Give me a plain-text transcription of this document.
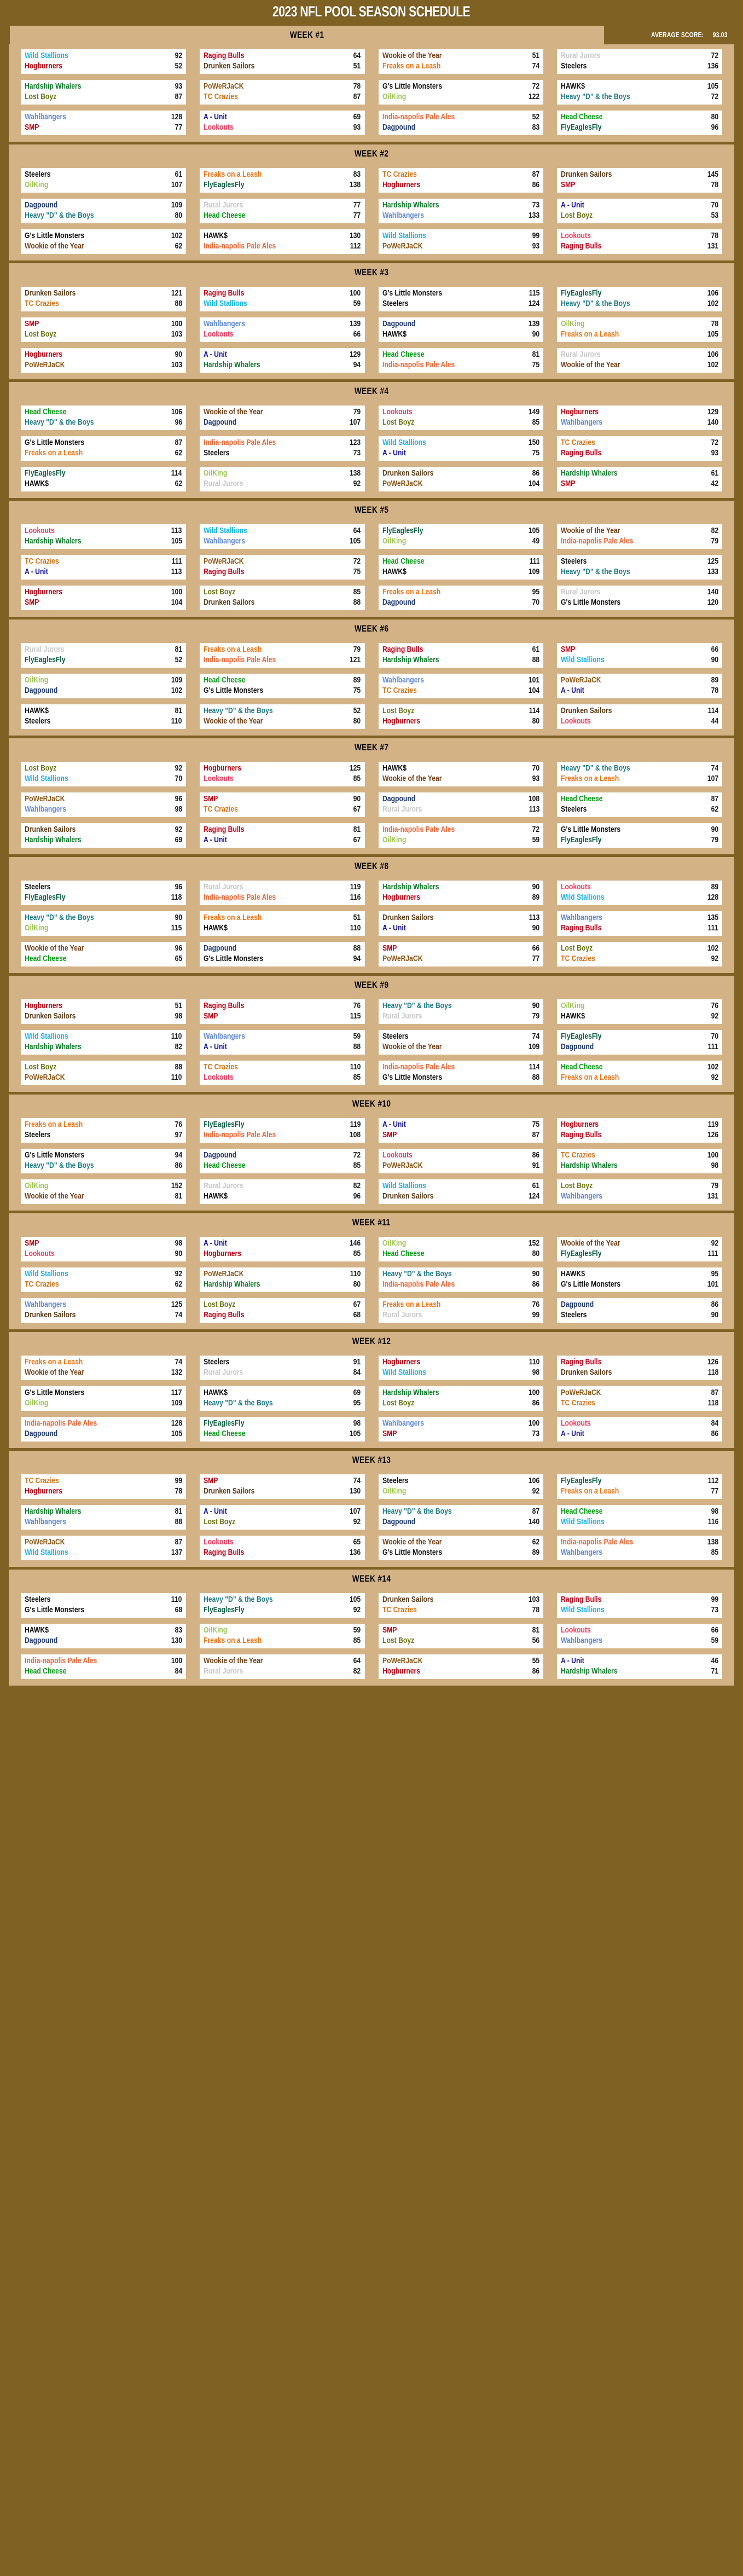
2023 NFL POOL SEASON SCHEDULE
WEEK #1	AVERAGE SCORE: 93.03
Wild Stallions	92
Hogburners	52
Raging Bulls	64
Drunken Sailors	51
Wookie of the Year	51
Freaks on a Leash	74
Rural Jurors	72
Steelers	136
Hardship Whalers	93
Lost Boyz	87
PoWeRJaCK	78
TC Crazies	87
G's Little Monsters	72
OilKing	122
HAWK$	105
Heavy "D" & the Boys	72
Wahlbangers	128
SMP	77
A - Unit	69
Lookouts	93
India-napolis Pale Ales	52
Dagpound	83
Head Cheese	80
FlyEaglesFly	96
WEEK #2
Steelers	61
OilKing	107
Freaks on a Leash	83
FlyEaglesFly	138
TC Crazies	87
Hogburners	86
Drunken Sailors	145
SMP	78
Dagpound	109
Heavy "D" & the Boys	80
Rural Jurors	77
Head Cheese	77
Hardship Whalers	73
Wahlbangers	133
A - Unit	70
Lost Boyz	53
G's Little Monsters	102
Wookie of the Year	62
HAWK$	130
India-napolis Pale Ales	112
Wild Stallions	99
PoWeRJaCK	93
Lookouts	78
Raging Bulls	131
WEEK #3
Drunken Sailors	121
TC Crazies	88
Raging Bulls	100
Wild Stallions	59
G's Little Monsters	115
Steelers	124
FlyEaglesFly	106
Heavy "D" & the Boys	102
SMP	100
Lost Boyz	103
Wahlbangers	139
Lookouts	66
Dagpound	139
HAWK$	90
OilKing	78
Freaks on a Leash	105
Hogburners	90
PoWeRJaCK	103
A - Unit	129
Hardship Whalers	94
Head Cheese	81
India-napolis Pale Ales	75
Rural Jurors	106
Wookie of the Year	102
WEEK #4
Head Cheese	106
Heavy "D" & the Boys	96
Wookie of the Year	79
Dagpound	107
Lookouts	149
Lost Boyz	85
Hogburners	129
Wahlbangers	140
G's Little Monsters	87
Freaks on a Leash	62
India-napolis Pale Ales	123
Steelers	73
Wild Stallions	150
A - Unit	75
TC Crazies	72
Raging Bulls	93
FlyEaglesFly	114
HAWK$	62
OilKing	138
Rural Jurors	92
Drunken Sailors	86
PoWeRJaCK	104
Hardship Whalers	61
SMP	42
WEEK #5
Lookouts	113
Hardship Whalers	105
Wild Stallions	64
Wahlbangers	105
FlyEaglesFly	105
OilKing	49
Wookie of the Year	82
India-napolis Pale Ales	79
TC Crazies	111
A - Unit	113
PoWeRJaCK	72
Raging Bulls	75
Head Cheese	111
HAWK$	109
Steelers	125
Heavy "D" & the Boys	133
Hogburners	100
SMP	104
Lost Boyz	85
Drunken Sailors	88
Freaks on a Leash	95
Dagpound	70
Rural Jurors	140
G's Little Monsters	120
WEEK #6
Rural Jurors	81
FlyEaglesFly	52
Freaks on a Leash	79
India-napolis Pale Ales	121
Raging Bulls	61
Hardship Whalers	88
SMP	66
Wild Stallions	90
OilKing	109
Dagpound	102
Head Cheese	89
G's Little Monsters	75
Wahlbangers	101
TC Crazies	104
PoWeRJaCK	89
A - Unit	78
HAWK$	81
Steelers	110
Heavy "D" & the Boys	52
Wookie of the Year	80
Lost Boyz	114
Hogburners	80
Drunken Sailors	114
Lookouts	44
WEEK #7
Lost Boyz	92
Wild Stallions	70
Hogburners	125
Lookouts	85
HAWK$	70
Wookie of the Year	93
Heavy "D" & the Boys	74
Freaks on a Leash	107
PoWeRJaCK	96
Wahlbangers	98
SMP	90
TC Crazies	67
Dagpound	108
Rural Jurors	113
Head Cheese	87
Steelers	62
Drunken Sailors	92
Hardship Whalers	69
Raging Bulls	81
A - Unit	67
India-napolis Pale Ales	72
OilKing	59
G's Little Monsters	90
FlyEaglesFly	79
WEEK #8
Steelers	96
FlyEaglesFly	118
Rural Jurors	119
India-napolis Pale Ales	116
Hardship Whalers	90
Hogburners	89
Lookouts	89
Wild Stallions	128
Heavy "D" & the Boys	90
OilKing	115
Freaks on a Leash	51
HAWK$	110
Drunken Sailors	113
A - Unit	90
Wahlbangers	135
Raging Bulls	111
Wookie of the Year	96
Head Cheese	65
Dagpound	88
G's Little Monsters	94
SMP	66
PoWeRJaCK	77
Lost Boyz	102
TC Crazies	92
WEEK #9
Hogburners	51
Drunken Sailors	98
Raging Bulls	76
SMP	115
Heavy "D" & the Boys	90
Rural Jurors	79
OilKing	76
HAWK$	92
Wild Stallions	110
Hardship Whalers	82
Wahlbangers	59
A - Unit	88
Steelers	74
Wookie of the Year	109
FlyEaglesFly	70
Dagpound	111
Lost Boyz	88
PoWeRJaCK	110
TC Crazies	110
Lookouts	85
India-napolis Pale Ales	114
G's Little Monsters	88
Head Cheese	102
Freaks on a Leash	92
WEEK #10
Freaks on a Leash	76
Steelers	97
FlyEaglesFly	119
India-napolis Pale Ales	108
A - Unit	75
SMP	87
Hogburners	119
Raging Bulls	126
G's Little Monsters	94
Heavy "D" & the Boys	86
Dagpound	72
Head Cheese	85
Lookouts	86
PoWeRJaCK	91
TC Crazies	100
Hardship Whalers	98
OilKing	152
Wookie of the Year	81
Rural Jurors	82
HAWK$	96
Wild Stallions	61
Drunken Sailors	124
Lost Boyz	79
Wahlbangers	131
WEEK #11
SMP	98
Lookouts	90
A - Unit	146
Hogburners	85
OilKing	152
Head Cheese	80
Wookie of the Year	92
FlyEaglesFly	111
Wild Stallions	92
TC Crazies	62
PoWeRJaCK	110
Hardship Whalers	80
Heavy "D" & the Boys	90
India-napolis Pale Ales	86
HAWK$	95
G's Little Monsters	101
Wahlbangers	125
Drunken Sailors	74
Lost Boyz	67
Raging Bulls	68
Freaks on a Leash	76
Rural Jurors	99
Dagpound	86
Steelers	90
WEEK #12
Freaks on a Leash	74
Wookie of the Year	132
Steelers	91
Rural Jurors	84
Hogburners	110
Wild Stallions	98
Raging Bulls	126
Drunken Sailors	118
G's Little Monsters	117
OilKing	109
HAWK$	69
Heavy "D" & the Boys	95
Hardship Whalers	100
Lost Boyz	86
PoWeRJaCK	87
TC Crazies	118
India-napolis Pale Ales	128
Dagpound	105
FlyEaglesFly	98
Head Cheese	105
Wahlbangers	100
SMP	73
Lookouts	84
A - Unit	86
WEEK #13
TC Crazies	99
Hogburners	78
SMP	74
Drunken Sailors	130
Steelers	106
OilKing	92
FlyEaglesFly	112
Freaks on a Leash	77
Hardship Whalers	81
Wahlbangers	88
A - Unit	107
Lost Boyz	92
Heavy "D" & the Boys	87
Dagpound	140
Head Cheese	98
Wild Stallions	116
PoWeRJaCK	87
Wild Stallions	137
Lookouts	65
Raging Bulls	136
Wookie of the Year	62
G's Little Monsters	89
India-napolis Pale Ales	138
Wahlbangers	85
WEEK #14
Steelers	110
G's Little Monsters	68
Heavy "D" & the Boys	105
FlyEaglesFly	92
Drunken Sailors	103
TC Crazies	78
Raging Bulls	99
Wild Stallions	73
HAWK$	83
Dagpound	130
OilKing	59
Freaks on a Leash	85
SMP	81
Lost Boyz	56
Lookouts	66
Wahlbangers	59
India-napolis Pale Ales	100
Head Cheese	84
Wookie of the Year	64
Rural Jurors	82
PoWeRJaCK	55
Hogburners	86
A - Unit	46
Hardship Whalers	71
